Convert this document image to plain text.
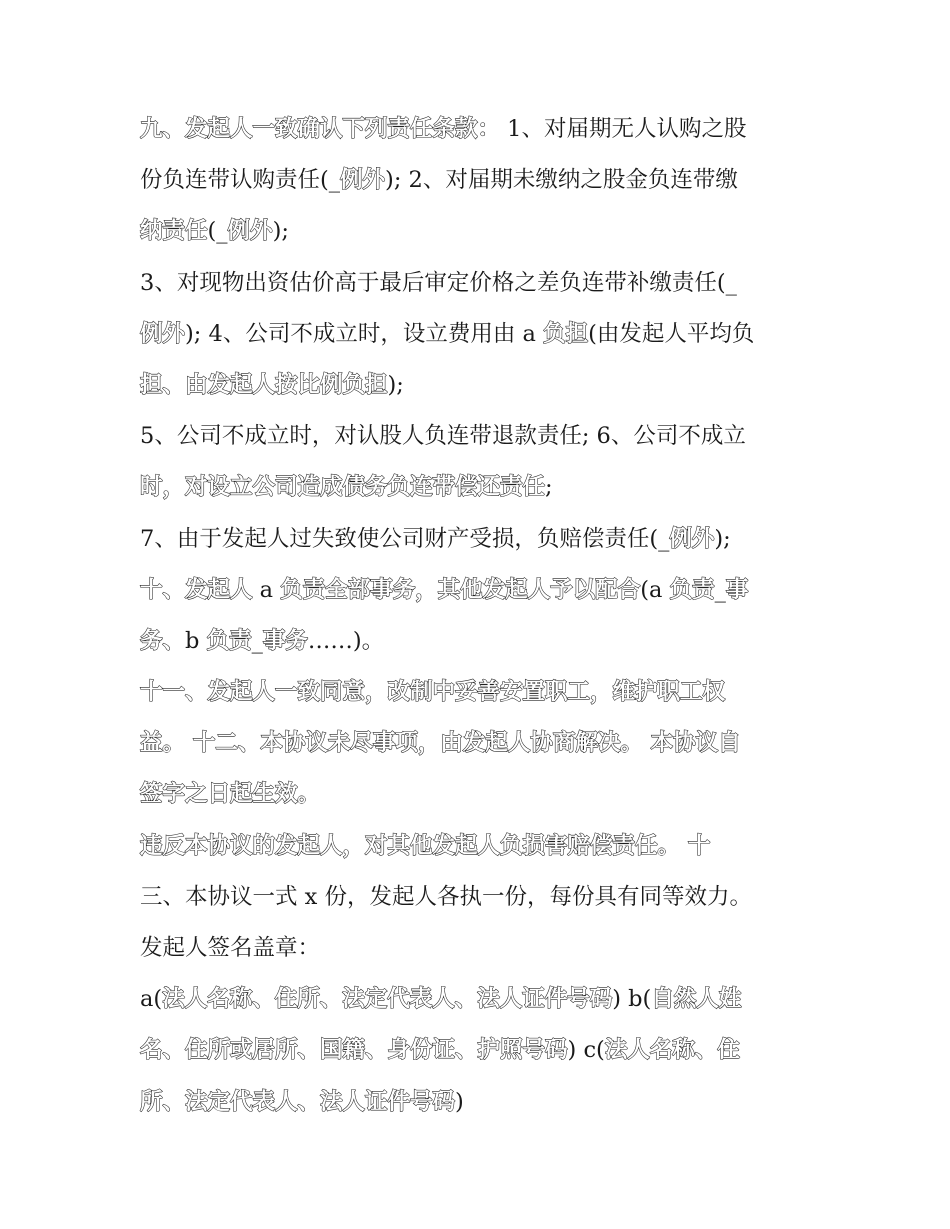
九、发起人一致确认下列责任条款： 1、对届期无人认购之股
份负连带认购责任(_例外); 2、对届期未缴纳之股金负连带缴
纳责任(_例外);
3、对现物出资估价高于最后审定价格之差负连带补缴责任(_
例外); 4、公司不成立时，设立费用由 a 负担(由发起人平均负
担、由发起人按比例负担);
5、公司不成立时，对认股人负连带退款责任; 6、公司不成立
时，对设立公司造成债务负连带偿还责任;
7、由于发起人过失致使公司财产受损，负赔偿责任(_例外);
十、发起人 a 负责全部事务，其他发起人予以配合(a 负责_事
务、b 负责_事务……)。
十一、发起人一致同意，改制中妥善安置职工，维护职工权
益。 十二、本协议未尽事项，由发起人协商解决。 本协议自
签字之日起生效。
违反本协议的发起人，对其他发起人负损害赔偿责任。 十
三、本协议一式 x 份，发起人各执一份，每份具有同等效力。
发起人签名盖章：
a(法人名称、住所、法定代表人、法人证件号码) b(自然人姓
名、住所或居所、国籍、身份证、护照号码) c(法人名称、住
所、法定代表人、法人证件号码)
